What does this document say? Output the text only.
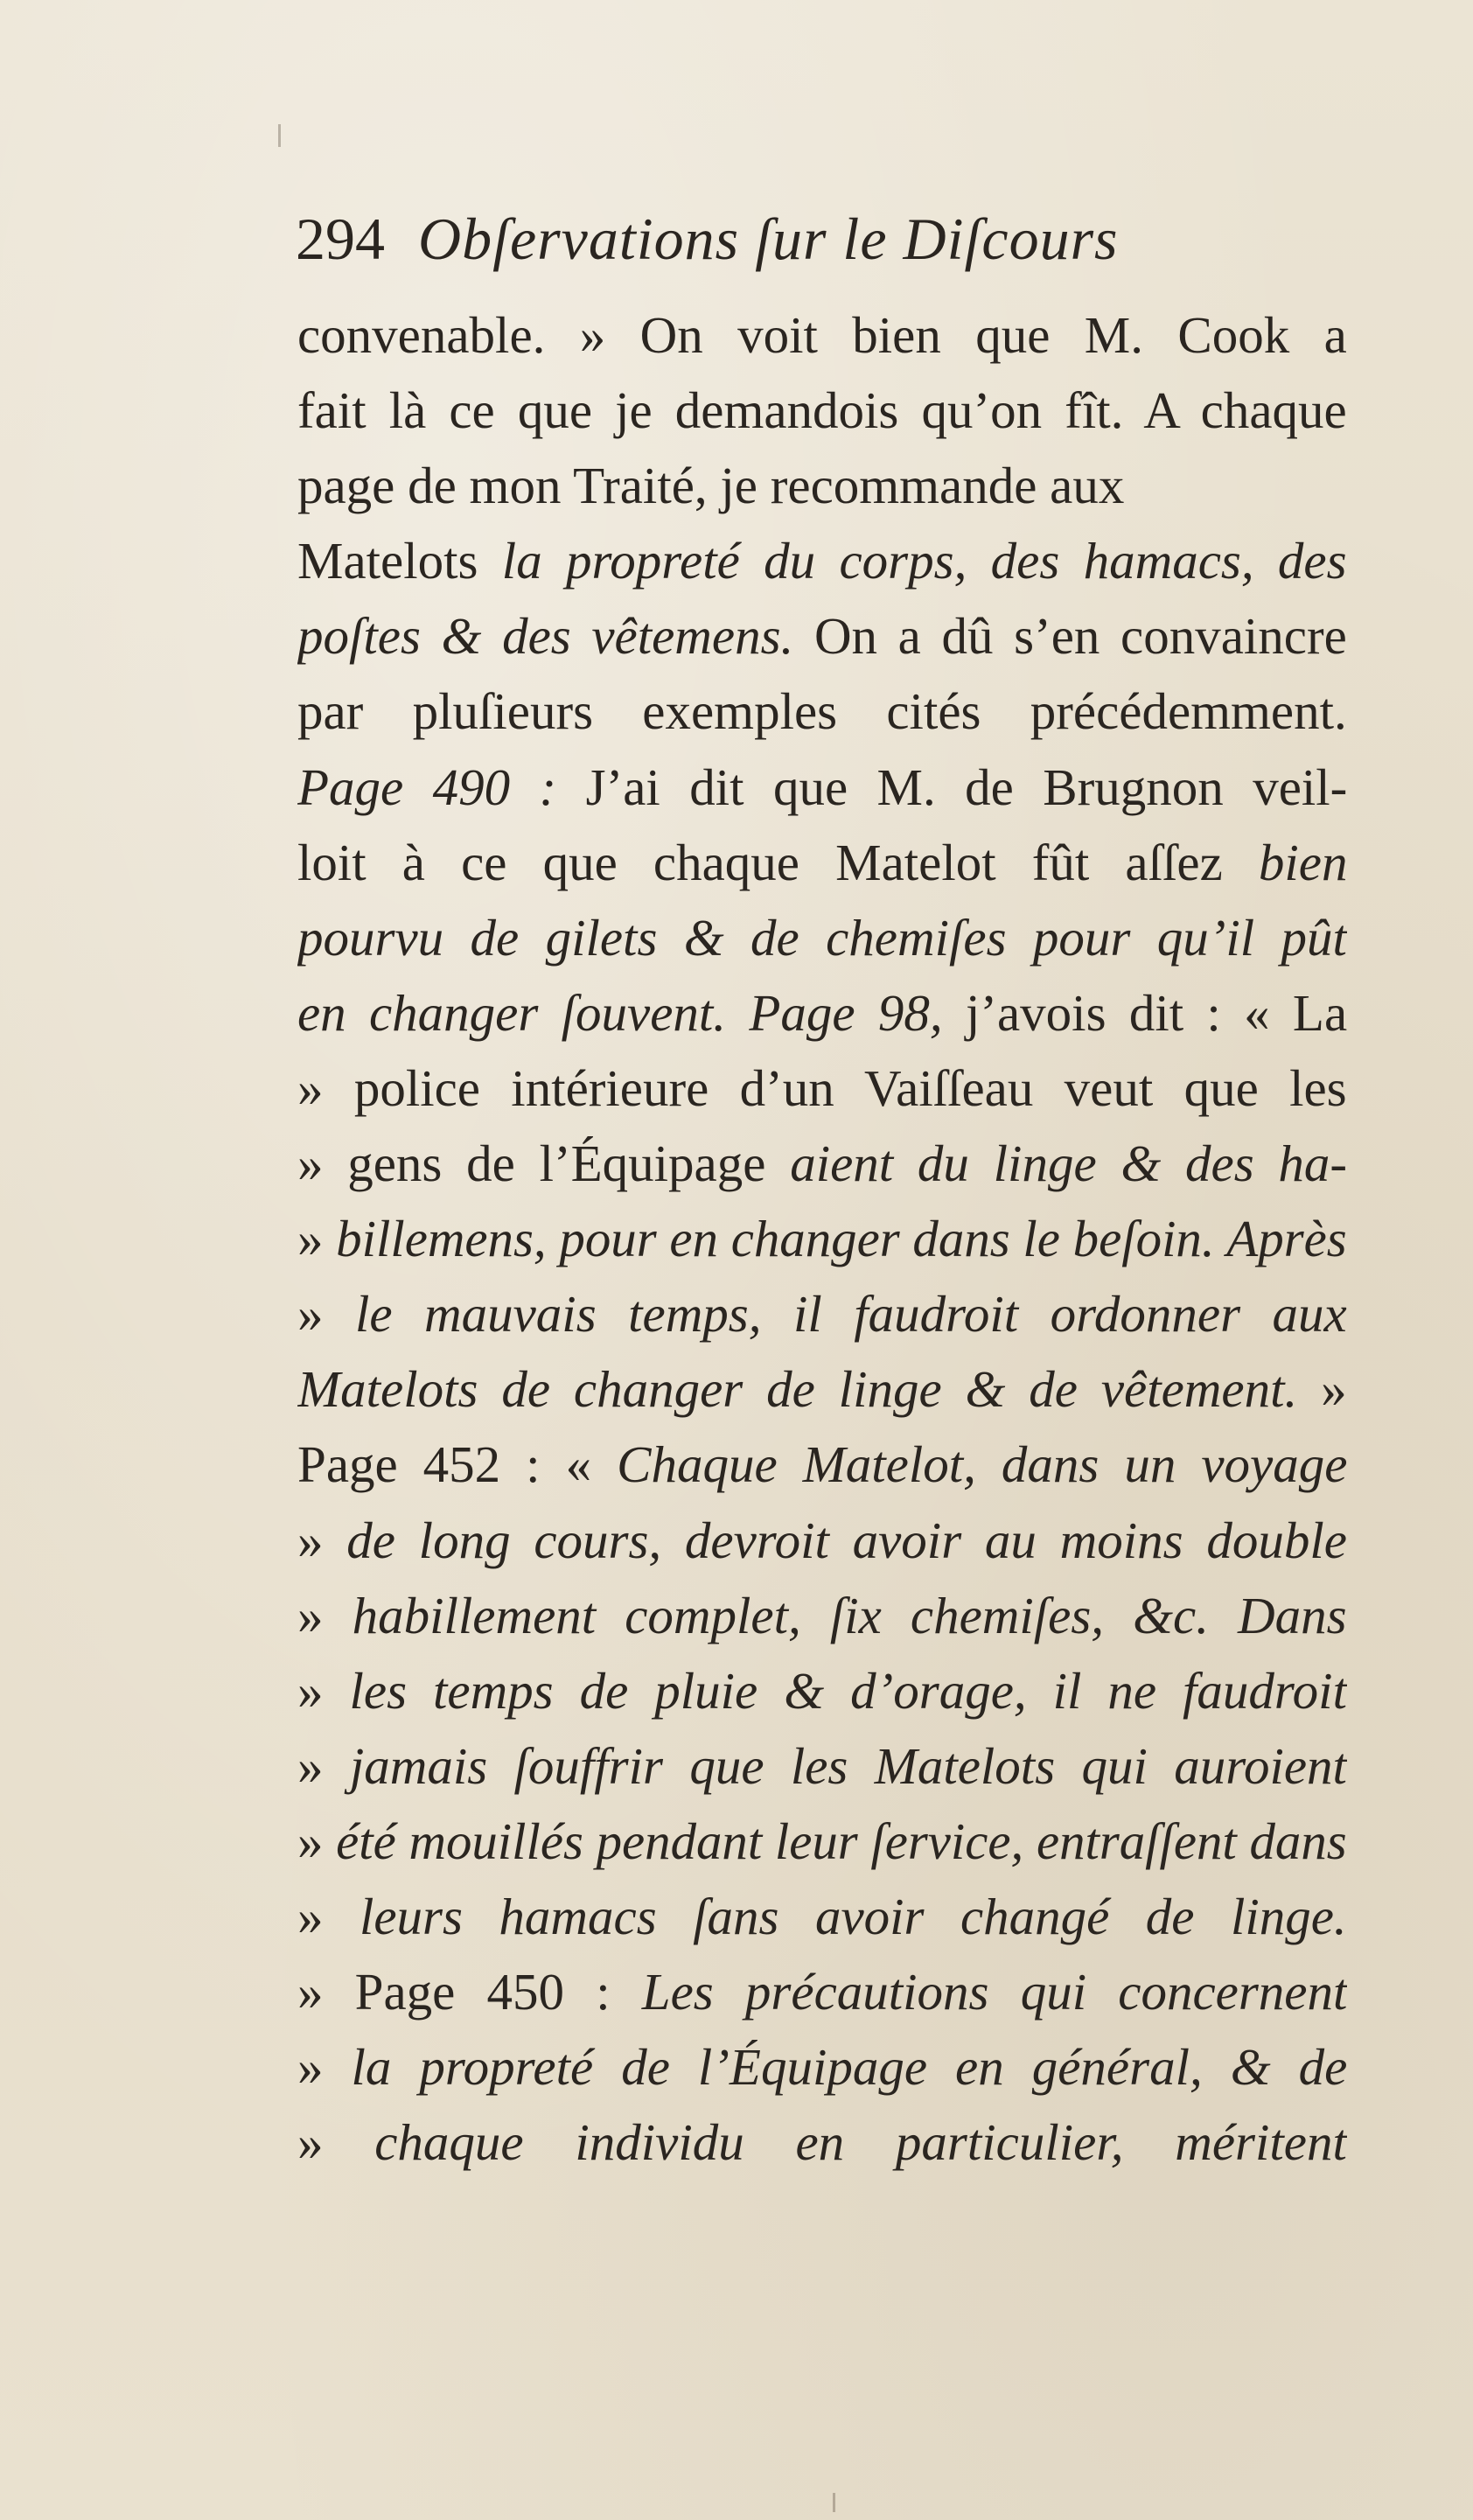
294 Obſervations ſur le Diſcours
convenable. » On voit bien que M. Cook a
fait là ce que je demandois qu’on fît. A chaque
page de mon Traité, je recommande aux
Matelots la propreté du corps, des hamacs, des
poſtes & des vêtemens. On a dû s’en convaincre
par pluſieurs exemples cités précédemment.
Page 490 : J’ai dit que M. de Brugnon veil-
loit à ce que chaque Matelot fût aſſez bien
pourvu de gilets & de chemiſes pour qu’il pût
en changer ſouvent. Page 98, j’avois dit : « La
» police intérieure d’un Vaiſſeau veut que les
» gens de l’Équipage aient du linge & des ha-
» billemens, pour en changer dans le beſoin. Après
» le mauvais temps, il faudroit ordonner aux
Matelots de changer de linge & de vêtement. »
Page 452 : « Chaque Matelot, dans un voyage
» de long cours, devroit avoir au moins double
» habillement complet, ſix chemiſes, &c. Dans
» les temps de pluie & d’orage, il ne faudroit
» jamais ſouffrir que les Matelots qui auroient
» été mouillés pendant leur ſervice, entraſſent dans
» leurs hamacs ſans avoir changé de linge.
» Page 450 : Les précautions qui concernent
» la propreté de l’Équipage en général, & de
» chaque individu en particulier, méritent
